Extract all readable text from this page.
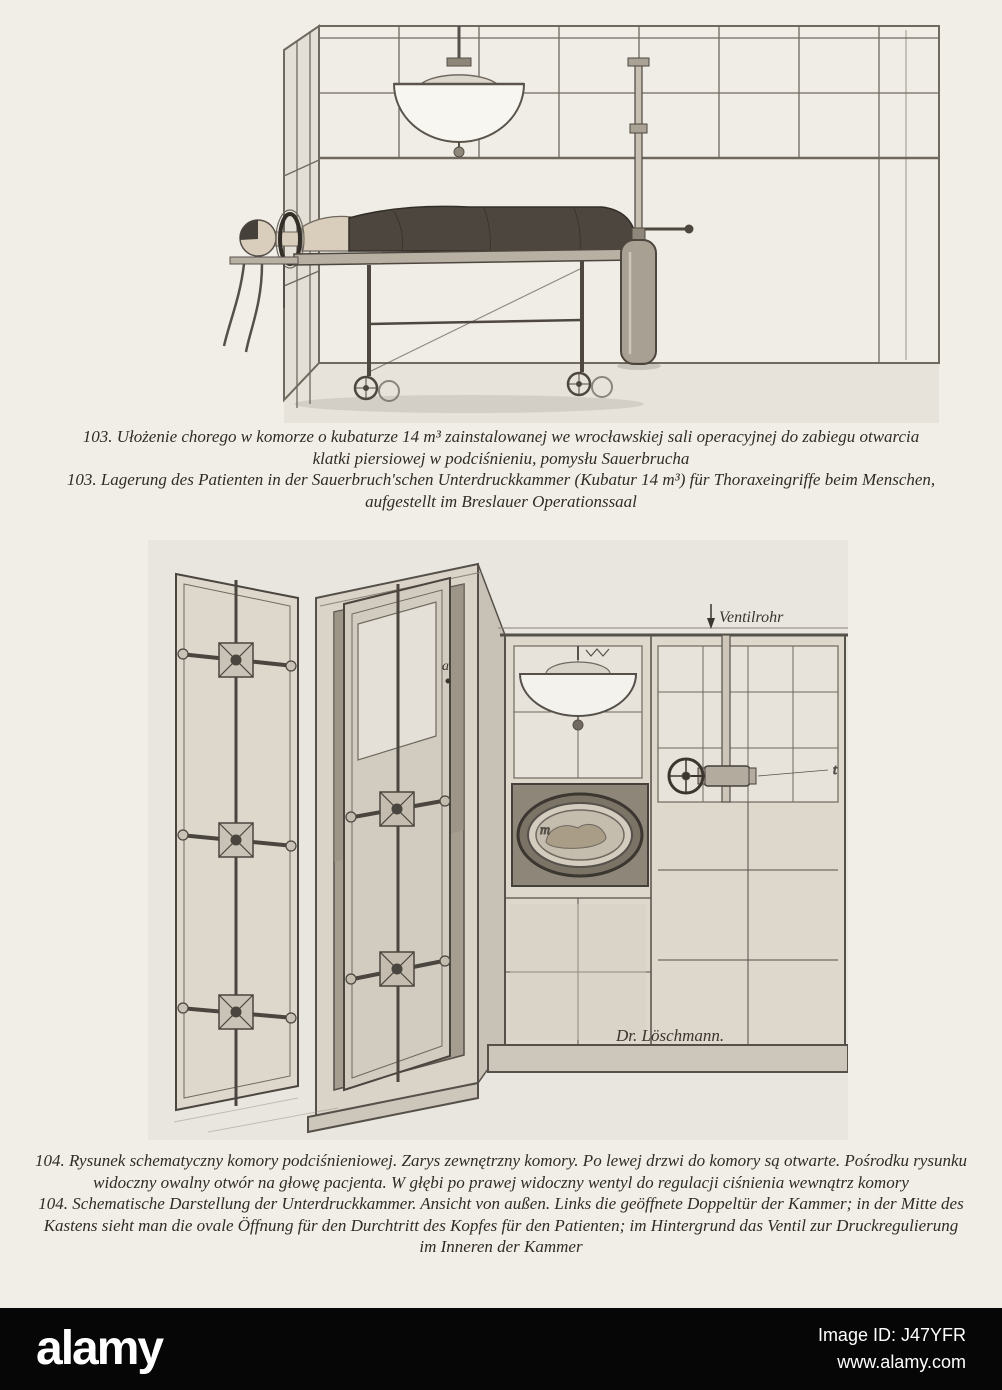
103. Ułożenie chorego w komorze o kubaturze 14 m³ zainstalowanej we wrocławskiej sali operacyjnej do zabiegu otwarcia
klatki piersiowej w podciśnieniu, pomysłu Sauerbrucha
103. Lagerung des Patienten in der Sauerbruch'schen Unterdruckkammer (Kubatur 14 m³) für Thoraxeingriffe beim Menschen,
aufgestellt im Breslauer Operationssaal
m
t
Ventilrohr
a
Dr. Löschmann.
104. Rysunek schematyczny komory podciśnieniowej. Zarys zewnętrzny komory. Po lewej drzwi do komory są otwarte. Pośrodku rysunku
widoczny owalny otwór na głowę pacjenta. W głębi po prawej widoczny wentyl do regulacji ciśnienia wewnątrz komory
104. Schematische Darstellung der Unterdruckkammer. Ansicht von außen. Links die geöffnete Doppeltür der Kammer; in der Mitte des
Kastens sieht man die ovale Öffnung für den Durchtritt des Kopfes für den Patienten; im Hintergrund das Ventil zur Druckregulierung
im Inneren der Kammer
alamy	Image ID: J47YFR
www.alamy.com
